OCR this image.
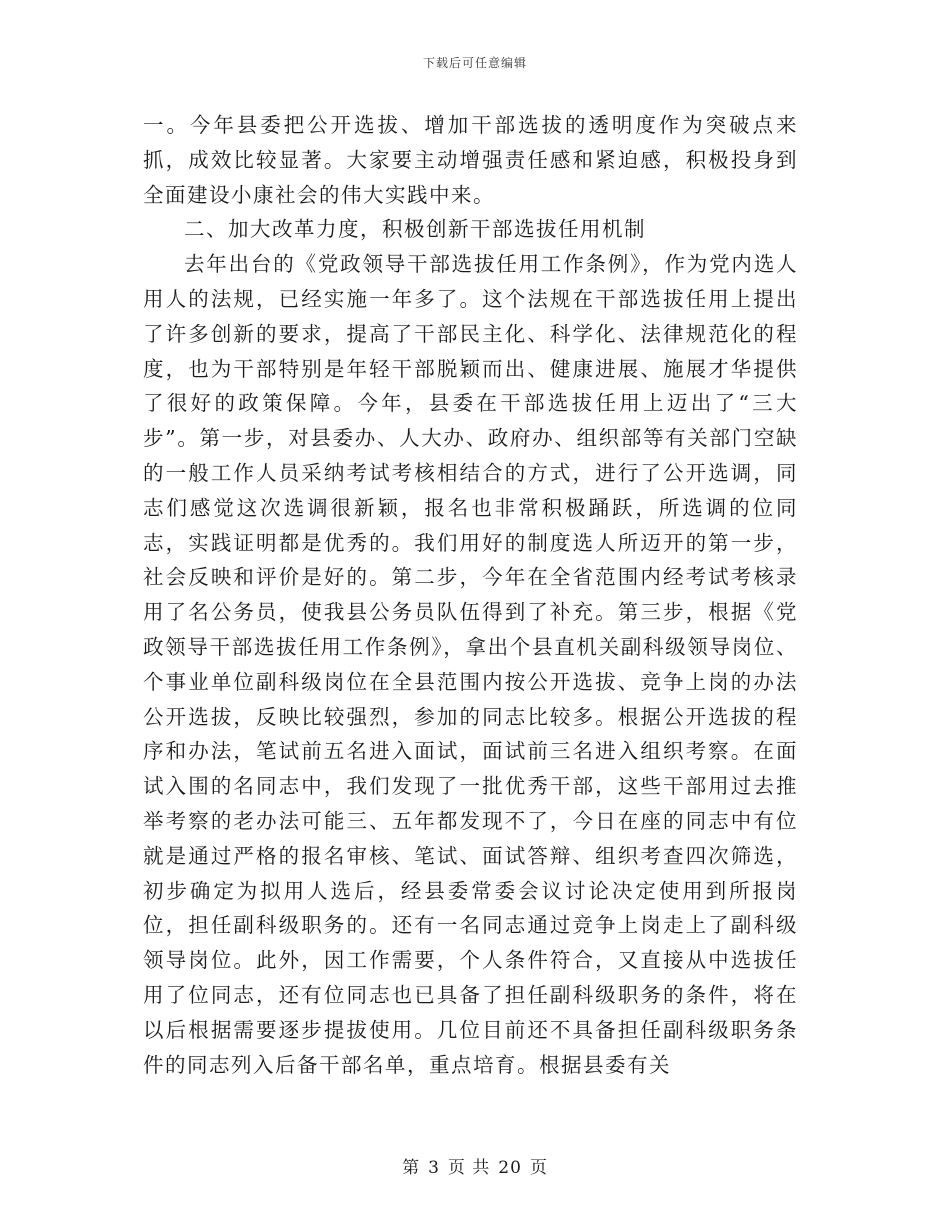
下载后可任意编辑

一。今年县委把公开选拔、增加干部选拔的透明度作为突破点来抓，成效比较显著。大家要主动增强责任感和紧迫感，积极投身到全面建设小康社会的伟大实践中来。

二、加大改革力度，积极创新干部选拔任用机制

去年出台的《党政领导干部选拔任用工作条例》，作为党内选人用人的法规，已经实施一年多了。这个法规在干部选拔任用上提出了许多创新的要求，提高了干部民主化、科学化、法律规范化的程度，也为干部特别是年轻干部脱颖而出、健康进展、施展才华提供了很好的政策保障。今年，县委在干部选拔任用上迈出了“三大步”。第一步，对县委办、人大办、政府办、组织部等有关部门空缺的一般工作人员采纳考试考核相结合的方式，进行了公开选调，同志们感觉这次选调很新颖，报名也非常积极踊跃，所选调的位同志，实践证明都是优秀的。我们用好的制度选人所迈开的第一步，社会反映和评价是好的。第二步，今年在全省范围内经考试考核录用了名公务员，使我县公务员队伍得到了补充。第三步，根据《党政领导干部选拔任用工作条例》，拿出个县直机关副科级领导岗位、个事业单位副科级岗位在全县范围内按公开选拔、竞争上岗的办法公开选拔，反映比较强烈，参加的同志比较多。根据公开选拔的程序和办法，笔试前五名进入面试，面试前三名进入组织考察。在面试入围的名同志中，我们发现了一批优秀干部，这些干部用过去推举考察的老办法可能三、五年都发现不了，今日在座的同志中有位就是通过严格的报名审核、笔试、面试答辩、组织考查四次筛选，初步确定为拟用人选后，经县委常委会议讨论决定使用到所报岗位，担任副科级职务的。还有一名同志通过竞争上岗走上了副科级领导岗位。此外，因工作需要，个人条件符合，又直接从中选拔任用了位同志，还有位同志也已具备了担任副科级职务的条件，将在以后根据需要逐步提拔使用。几位目前还不具备担任副科级职务条件的同志列入后备干部名单，重点培育。根据县委有关

第 3 页 共 20 页
